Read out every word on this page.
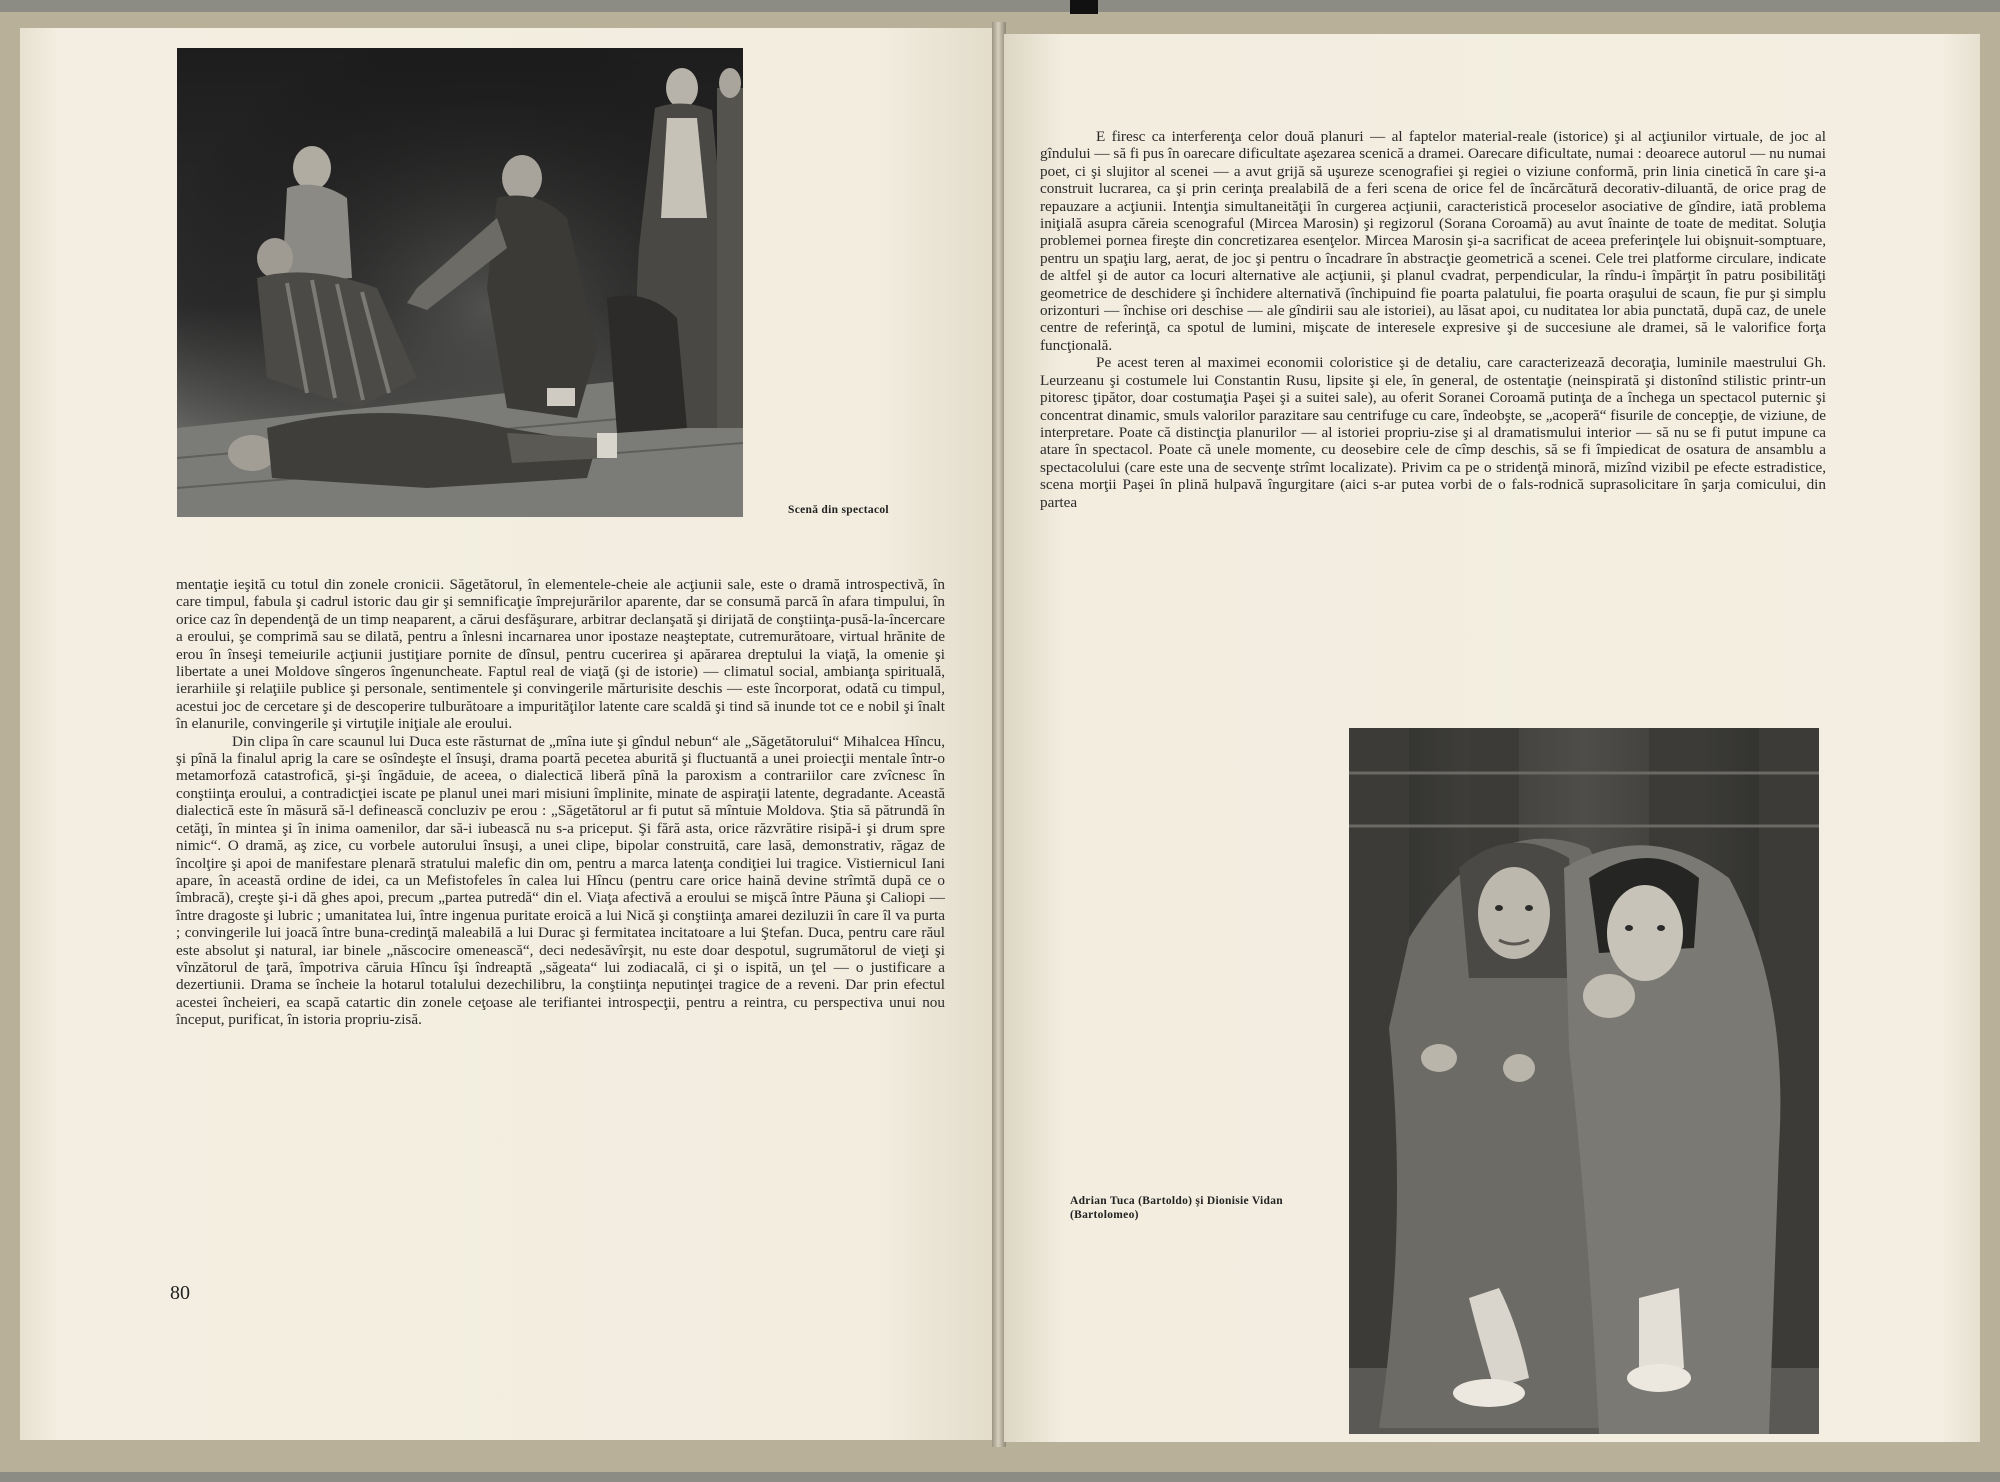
Scenă din spectacol

mentaţie ieşită cu totul din zonele cronicii. Săgetătorul, în elementele-cheie ale acţiunii sale, este o dramă introspectivă, în care timpul, fabula şi cadrul istoric dau gir şi semnificaţie împrejurărilor aparente, dar se consumă parcă în afara timpului, în orice caz în dependenţă de un timp neaparent, a cărui desfăşurare, arbitrar declanşată şi dirijată de conştiinţa-pusă-la-încercare a eroului, şe comprimă sau se dilată, pentru a înlesni incarnarea unor ipostaze neaşteptate, cutremurătoare, virtual hrănite de erou în înseşi temeiurile acţiunii justiţiare pornite de dînsul, pentru cucerirea şi apărarea dreptului la viaţă, la omenie şi libertate a unei Moldove sîngeros îngenuncheate. Faptul real de viaţă (şi de istorie) — climatul social, ambianţa spirituală, ierarhiile şi relaţiile publice şi personale, sentimentele şi convingerile mărturisite deschis — este încorporat, odată cu timpul, acestui joc de cercetare şi de descoperire tulburătoare a impurităţilor latente care scaldă şi tind să inunde tot ce e nobil şi înalt în elanurile, convingerile şi virtuţile iniţiale ale eroului.

Din clipa în care scaunul lui Duca este răsturnat de „mîna iute şi gîndul nebun“ ale „Săgetătorului“ Mihalcea Hîncu, şi pînă la finalul aprig la care se osîndeşte el însuşi, drama poartă pecetea aburită şi fluctuantă a unei proiecţii mentale într-o metamorfoză catastrofică, şi-şi îngăduie, de aceea, o dialectică liberă pînă la paroxism a contrariilor care zvîcnesc în conştiinţa eroului, a contradicţiei iscate pe planul unei mari misiuni împlinite, minate de aspiraţii latente, degradante. Această dialectică este în măsură să-l definească concluziv pe erou : „Săgetătorul ar fi putut să mîntuie Moldova. Ştia să pătrundă în cetăţi, în mintea şi în inima oamenilor, dar să-i iubească nu s-a priceput. Şi fără asta, orice răzvrătire risipă-i şi drum spre nimic“. O dramă, aş zice, cu vorbele autorului însuşi, a unei clipe, bipolar construită, care lasă, demonstrativ, răgaz de încolţire şi apoi de manifestare plenară stratului malefic din om, pentru a marca latenţa condiţiei lui tragice. Vistiernicul Iani apare, în această ordine de idei, ca un Mefistofeles în calea lui Hîncu (pentru care orice haină devine strîmtă după ce o îmbracă), creşte şi-i dă ghes apoi, precum „partea putredă“ din el. Viaţa afectivă a eroului se mişcă între Păuna şi Caliopi — între dragoste şi lubric ; umanitatea lui, între ingenua puritate eroică a lui Nică şi conştiinţa amarei deziluzii în care îl va purta ; convingerile lui joacă între buna-credinţă maleabilă a lui Durac şi fermitatea incitatoare a lui Ştefan. Duca, pentru care răul este absolut şi natural, iar binele „născocire omenească“, deci nedesăvîrşit, nu este doar despotul, sugrumătorul de vieţi şi vînzătorul de ţară, împotriva căruia Hîncu îşi îndreaptă „săgeata“ lui zodiacală, ci şi o ispită, un ţel — o justificare a dezertiunii. Drama se încheie la hotarul totalului dezechilibru, la conştiinţa neputinţei tragice de a reveni. Dar prin efectul acestei încheieri, ea scapă catartic din zonele ceţoase ale terifiantei introspecţii, pentru a reintra, cu perspectiva unui nou început, purificat, în istoria propriu-zisă.

80

E firesc ca interferenţa celor două planuri — al faptelor material-reale (istorice) şi al acţiunilor virtuale, de joc al gîndului — să fi pus în oarecare dificultate aşezarea scenică a dramei. Oarecare dificultate, numai : deoarece autorul — nu numai poet, ci şi slujitor al scenei — a avut grijă să uşureze scenografiei şi regiei o viziune conformă, prin linia cinetică în care şi-a construit lucrarea, ca şi prin cerinţa prealabilă de a feri scena de orice fel de încărcătură decorativ-diluantă, de orice prag de repauzare a acţiunii. Intenţia simultaneităţii în curgerea acţiunii, caracteristică proceselor asociative de gîndire, iată problema iniţială asupra căreia scenograful (Mircea Marosin) şi regizorul (Sorana Coroamă) au avut înainte de toate de meditat. Soluţia problemei pornea fireşte din concretizarea esenţelor. Mircea Marosin şi-a sacrificat de aceea preferinţele lui obişnuit-somptuare, pentru un spaţiu larg, aerat, de joc şi pentru o încadrare în abstracţie geometrică a scenei. Cele trei platforme circulare, indicate de altfel şi de autor ca locuri alternative ale acţiunii, şi planul cvadrat, perpendicular, la rîndu-i împărţit în patru posibilităţi geometrice de deschidere şi închidere alternativă (închipuind fie poarta palatului, fie poarta oraşului de scaun, fie pur şi simplu orizonturi — închise ori deschise — ale gîndirii sau ale istoriei), au lăsat apoi, cu nuditatea lor abia punctată, după caz, de unele centre de referinţă, ca spotul de lumini, mişcate de interesele expresive şi de succesiune ale dramei, să le valorifice forţa funcţională.

Pe acest teren al maximei economii coloristice şi de detaliu, care caracterizează decoraţia, luminile maestrului Gh. Leurzeanu şi costumele lui Constantin Rusu, lipsite şi ele, în general, de ostentaţie (neinspirată şi distonînd stilistic printr-un pitoresc ţipător, doar costumaţia Paşei şi a suitei sale), au oferit Soranei Coroamă putinţa de a închega un spectacol puternic şi concentrat dinamic, smuls valorilor parazitare sau centrifuge cu care, îndeobşte, se „acoperă“ fisurile de concepţie, de viziune, de interpretare. Poate că distincţia planurilor — al istoriei propriu-zise şi al dramatismului interior — să nu se fi putut impune ca atare în spectacol. Poate că unele momente, cu deosebire cele de cîmp deschis, să se fi împiedicat de osatura de ansamblu a spectacolului (care este una de secvenţe strîmt localizate). Privim ca pe o stridenţă minoră, mizînd vizibil pe efecte estradistice, scena morţii Paşei în plină hulpavă îngurgitare (aici s-ar putea vorbi de o fals-rodnică suprasolicitare în şarja comicului, din partea

Adrian Tuca (Bartoldo) şi Dionisie Vidan (Bartolomeo)
